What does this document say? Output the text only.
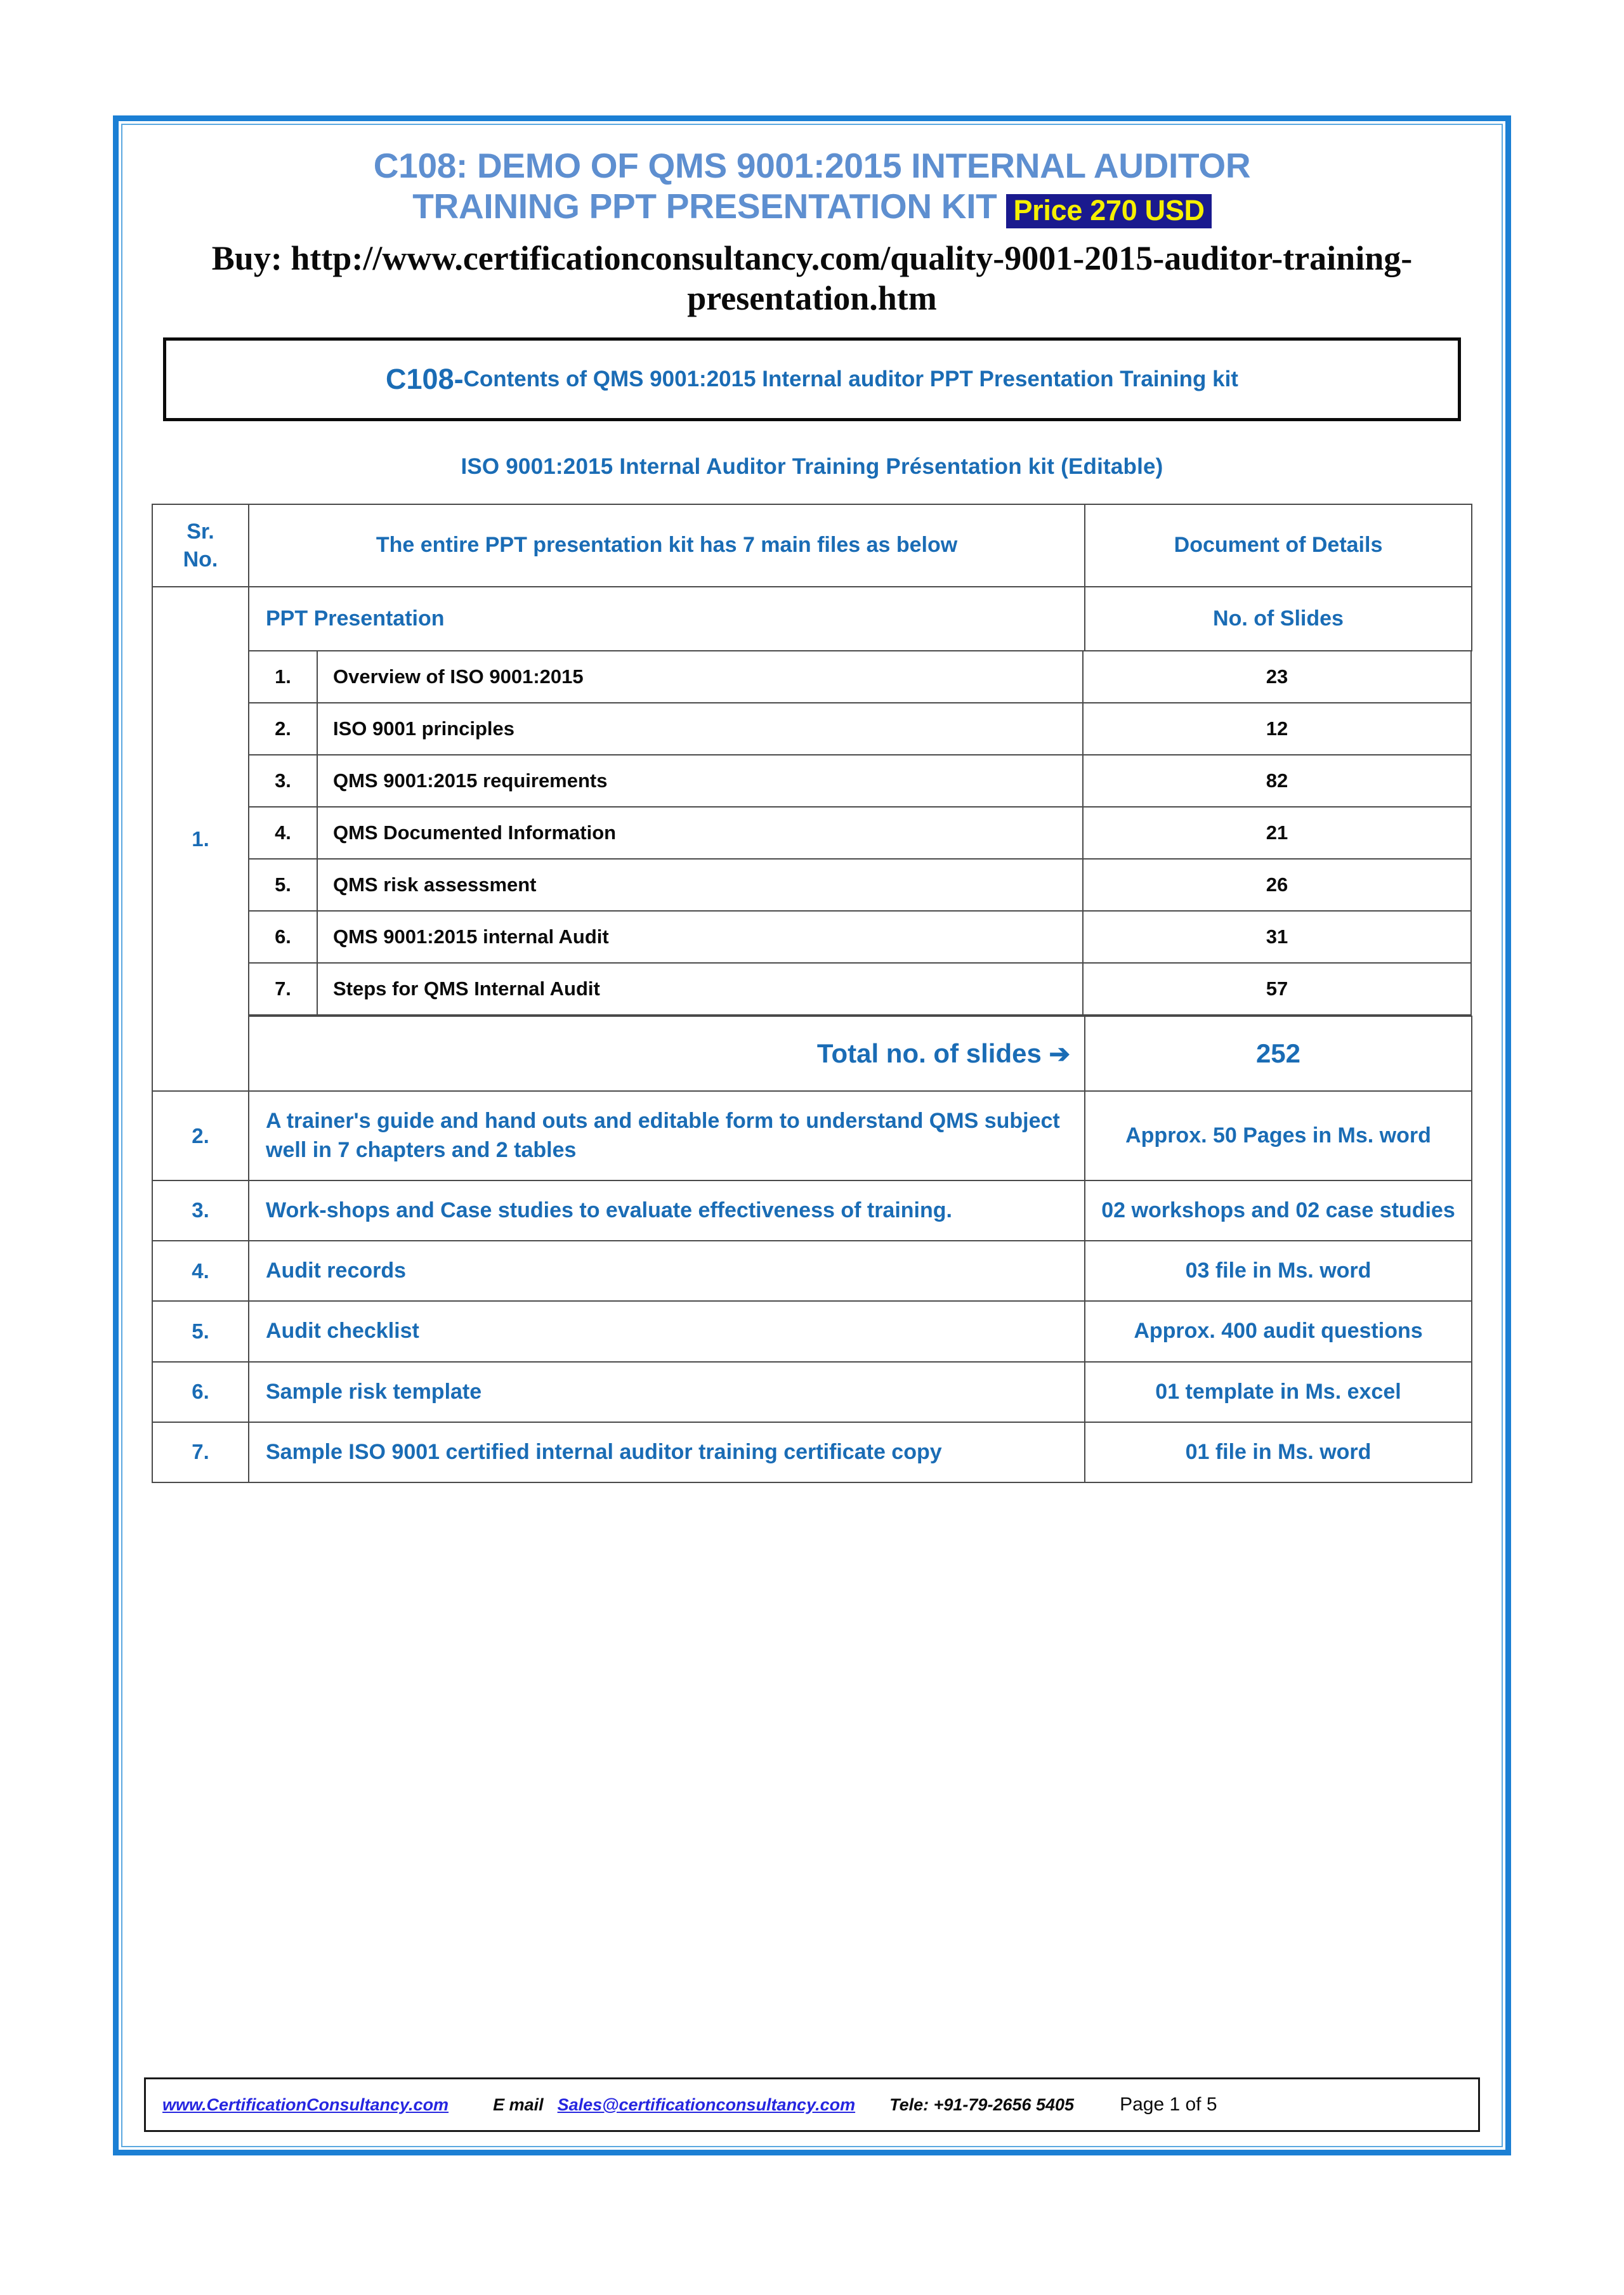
C108: DEMO OF QMS 9001:2015 INTERNAL AUDITOR
TRAINING PPT PRESENTATION KIT Price 270 USD
Buy: http://www.certificationconsultancy.com/quality-9001-2015-auditor-training-presentation.htm
C108- Contents of QMS 9001:2015 Internal auditor PPT Presentation Training kit
ISO 9001:2015 Internal Auditor Training Présentation kit (Editable)
Sr.
No.	The entire PPT presentation kit has 7 main files as below	Document of Details
1.	PPT Presentation	No. of Slides

1.	Overview of ISO 9001:2015	23
2.	ISO 9001 principles	12
3.	QMS 9001:2015 requirements	82
4.	QMS Documented Information	21
5.	QMS risk assessment	26
6.	QMS 9001:2015 internal Audit	31
7.	Steps for QMS Internal Audit	57

Total no. of slides ➔	252
2.	A trainer's guide and hand outs and editable form to understand QMS subject well in 7 chapters and 2 tables	Approx. 50 Pages in Ms. word
3.	Work-shops and Case studies to evaluate effectiveness of training.	02 workshops and 02 case studies
4.	Audit records	03 file in Ms. word
5.	Audit checklist	Approx. 400 audit questions
6.	Sample risk template	01 template in Ms. excel
7.	Sample ISO 9001 certified internal auditor training certificate copy	01 file in Ms. word
www.CertificationConsultancy.com	E mail Sales@certificationconsultancy.com Tele: +91-79-2656 5405 Page 1 of 5
